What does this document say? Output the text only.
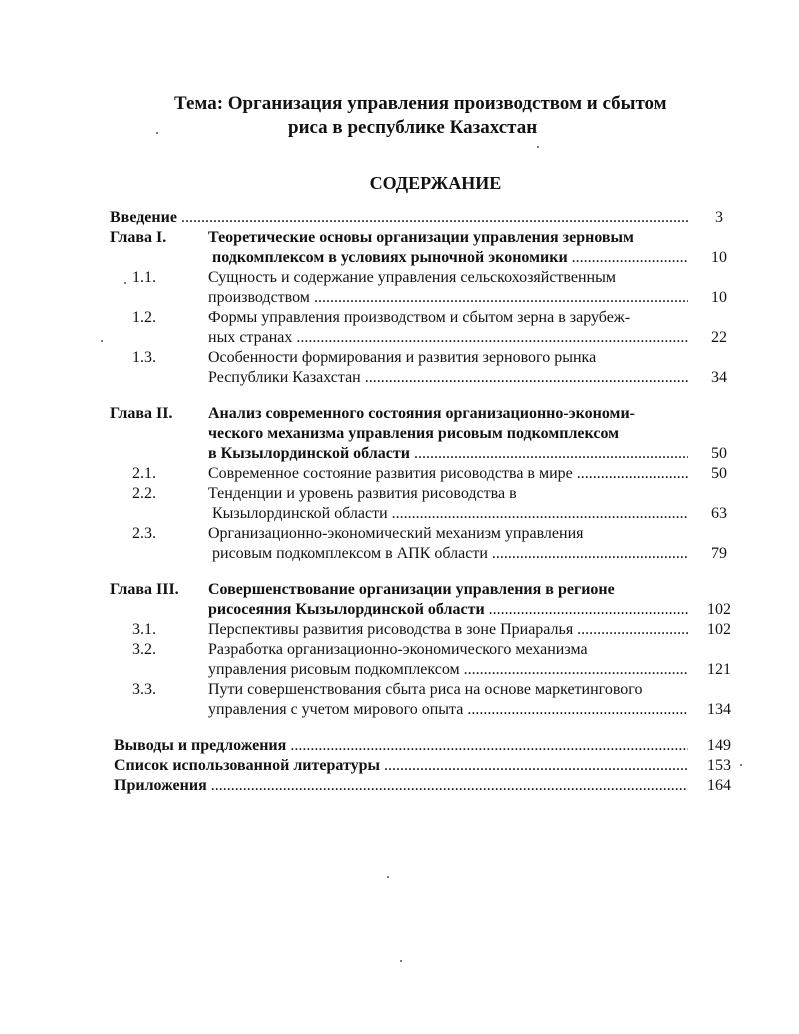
Тема: Организация управления производством и сбытом
риса в республике Казахстан
СОДЕРЖАНИЕ
Введение .....	3
Глава I.	Теоретические основы организации управления зерновым
подкомплексом в условиях рыночной экономики .....	10
1.1.	Сущность и содержание управления сельскохозяйственным
производством .....	10
1.2.	Формы управления производством и сбытом зерна в зарубеж-
ных странах .....	22
1.3.	Особенности формирования и развития зернового рынка
Республики Казахстан .....	34
Глава II. Анализ современного состояния организационно-экономи-
ческого механизма управления рисовым подкомплексом
в Кызылординской области .....	50
2.1.	Современное состояние развития рисоводства в мире .....	50
2.2.	Тенденции и уровень развития рисоводства в
Кызылординской области .....	63
2.3.	Организационно-экономический механизм управления
рисовым подкомплексом в АПК области .....	79
Глава III. Совершенствование организации управления в регионе
рисосеяния Кызылординской области .....	102
3.1.	Перспективы развития рисоводства в зоне Приаралья .....	102
3.2.	Разработка организационно-экономического механизма
управления рисовым подкомплексом .....	121
3.3.	Пути совершенствования сбыта риса на основе маркетингового
управления с учетом мирового опыта .....	134
Выводы и предложения .....	149
Список использованной литературы .....	153
Приложения .....	164
